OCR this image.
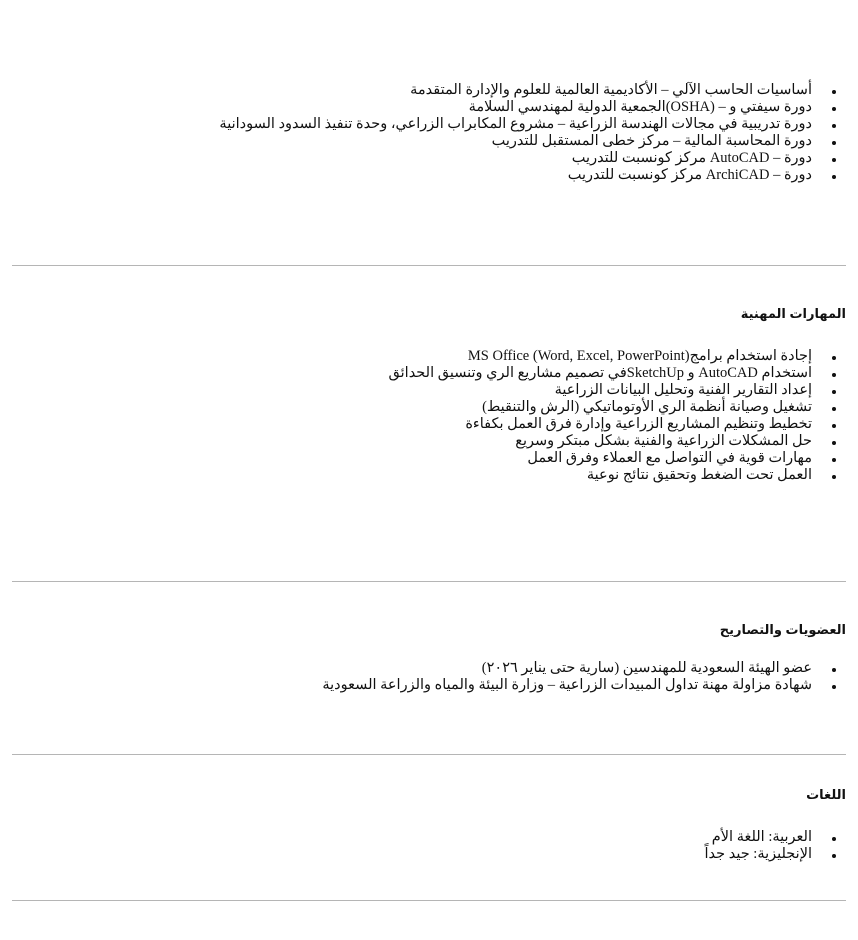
أساسيات الحاسب الآلي – الأكاديمية العالمية للعلوم والإدارة المتقدمة
دورة سيفتي و – (OSHA)الجمعية الدولية لمهندسي السلامة
دورة تدريبية في مجالات الهندسة الزراعية – مشروع المكابراب الزراعي، وحدة تنفيذ السدود السودانية
دورة المحاسبة المالية – مركز خطى المستقبل للتدريب
دورة – AutoCAD مركز كونسبت للتدريب
دورة – ArchiCAD مركز كونسبت للتدريب
المهارات المهنية
إجادة استخدام برامج(MS Office (Word, Excel, PowerPoint
استخدام AutoCAD و SketchUpفي تصميم مشاريع الري وتنسيق الحدائق
إعداد التقارير الفنية وتحليل البيانات الزراعية
تشغيل وصيانة أنظمة الري الأوتوماتيكي (الرش والتنقيط)
تخطيط وتنظيم المشاريع الزراعية وإدارة فرق العمل بكفاءة
حل المشكلات الزراعية والفنية بشكل مبتكر وسريع
مهارات قوية في التواصل مع العملاء وفرق العمل
العمل تحت الضغط وتحقيق نتائج نوعية
العضويات والتصاريح
عضو الهيئة السعودية للمهندسين (سارية حتى يناير ٢٠٢٦)
شهادة مزاولة مهنة تداول المبيدات الزراعية – وزارة البيئة والمياه والزراعة السعودية
اللغات
العربية: اللغة الأم
الإنجليزية: جيد جداً
